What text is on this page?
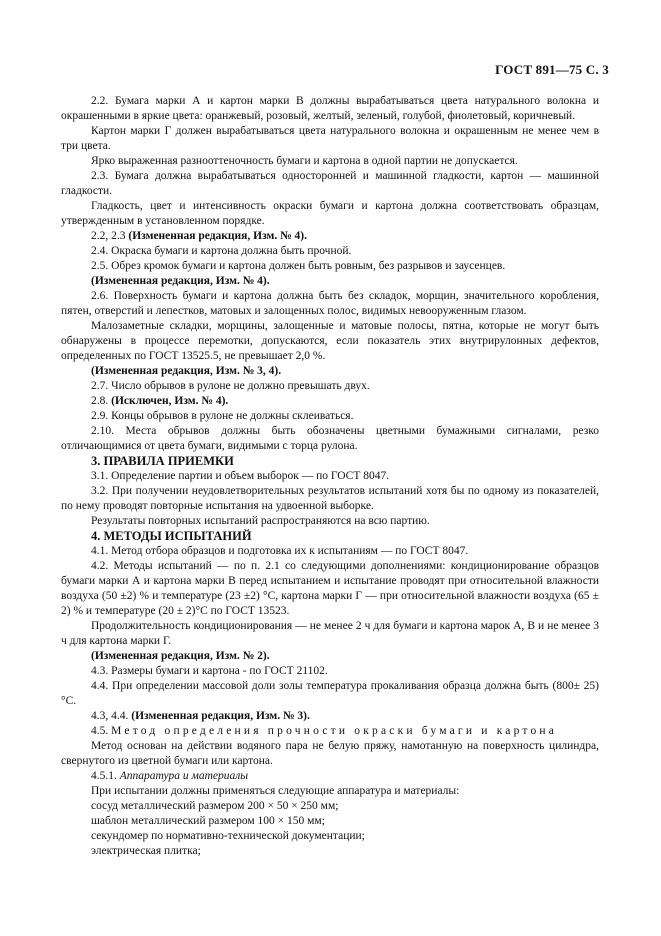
ГОСТ 891—75 С. 3

2.2. Бумага марки А и картон марки В должны вырабатываться цвета натурального волокна и окрашенными в яркие цвета: оранжевый, розовый, желтый, зеленый, голубой, фиолетовый, коричневый.

Картон марки Г должен вырабатываться цвета натурального волокна и окрашенным не менее чем в три цвета.

Ярко выраженная разнооттеночность бумаги и картона в одной партии не допускается.

2.3. Бумага должна вырабатываться односторонней и машинной гладкости, картон — машинной гладкости.

Гладкость, цвет и интенсивность окраски бумаги и картона должна соответствовать образцам, утвержденным в установленном порядке.

2.2, 2.3 (Измененная редакция, Изм. № 4).

2.4. Окраска бумаги и картона должна быть прочной.

2.5. Обрез кромок бумаги и картона должен быть ровным, без разрывов и заусенцев.

(Измененная редакция, Изм. № 4).

2.6. Поверхность бумаги и картона должна быть без складок, морщин, значительного коробления, пятен, отверстий и лепестков, матовых и залощенных полос, видимых невооруженным глазом.

Малозаметные складки, морщины, залощенные и матовые полосы, пятна, которые не могут быть обнаружены в процессе перемотки, допускаются, если показатель этих внутрирулонных дефектов, определенных по ГОСТ 13525.5, не превышает 2,0 %.

(Измененная редакция, Изм. № 3, 4).

2.7. Число обрывов в рулоне не должно превышать двух.

2.8. (Исключен, Изм. № 4).

2.9. Концы обрывов в рулоне не должны склеиваться.

2.10. Места обрывов должны быть обозначены цветными бумажными сигналами, резко отличающимися от цвета бумаги, видимыми с торца рулона.

3. ПРАВИЛА ПРИЕМКИ

3.1. Определение партии и объем выборок — по ГОСТ 8047.

3.2. При получении неудовлетворительных результатов испытаний хотя бы по одному из показателей, по нему проводят повторные испытания на удвоенной выборке.

Результаты повторных испытаний распространяются на всю партию.

4. МЕТОДЫ ИСПЫТАНИЙ

4.1. Метод отбора образцов и подготовка их к испытаниям — по ГОСТ 8047.

4.2. Методы испытаний — по п. 2.1 со следующими дополнениями: кондиционирование образцов бумаги марки А и картона марки В перед испытанием и испытание проводят при относительной влажности воздуха (50 ±2) % и температуре (23 ±2) °С, картона марки Г — при относительной влажности воздуха (65 ± 2) % и температуре (20 ± 2)°С по ГОСТ 13523.

Продолжительность кондиционирования — не менее 2 ч для бумаги и картона марок А, В и не менее 3 ч для картона марки Г.

(Измененная редакция, Изм. № 2).

4.3. Размеры бумаги и картона - по ГОСТ 21102.

4.4. При определении массовой доли золы температура прокаливания образца должна быть (800± 25) °С.

4.3, 4.4. (Измененная редакция, Изм. № 3).

4.5. Метод определения прочности окраски бумаги и картона

Метод основан на действии водяного пара не белую пряжу, намотанную на поверхность цилиндра, свернутого из цветной бумаги или картона.

4.5.1. Аппаратура и материалы

При испытании должны применяться следующие аппаратура и материалы:

сосуд металлический размером 200 × 50 × 250 мм;

шаблон металлический размером 100 × 150 мм;

секундомер по нормативно-технической документации;

электрическая плитка;
